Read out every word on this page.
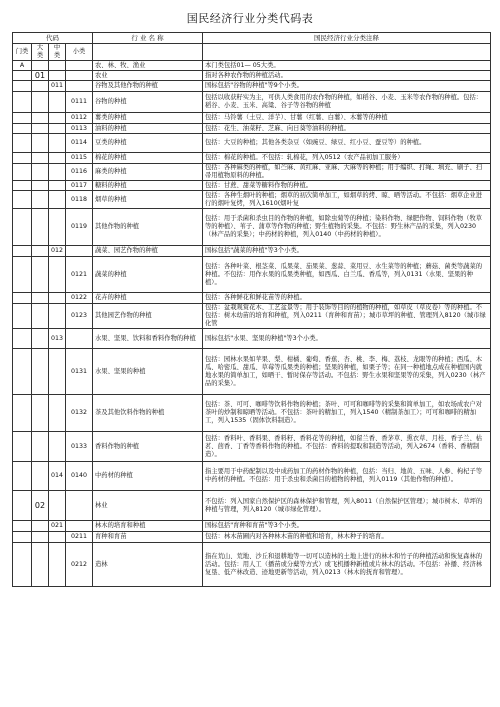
国民经济行业分类代码表
代码				行 业 名 称	国民经济行业分类注释
门类	大类	中类	小类		
A				农、林、牧、渔业	本门类包括01— 05大类。
	01			农业	指对各种农作物的种植活动。
		011		谷物及其他作物的种植	国标包括"谷物的种植"等9个小类。
			0111	谷物的种植	包括以收获籽实为主，可供人类食用的农作物的种植，如稻谷、小麦、玉米等农作物的种植。包括：稻谷、小麦、玉米、高粱、谷子等谷物的种植
			0112	薯类的种植	包括：马铃薯（土豆、洋芋）、甘薯（红薯、白薯）、木薯等的种植
			0113	油料的种植	包括：花生、油菜籽、芝麻、向日葵等油料的种植。
			0114	豆类的种植	包括：大豆的种植；其他各类杂豆（如豌豆、绿豆、红小豆、蚕豆等）的种植。
			0115	棉花的种植	包括：棉花的种植。不包括：轧棉花，列入0512（农产品初加工服务）
			0116	麻类的种植	包括：各种麻类的种植，如苎麻、黄红麻、亚麻、大麻等的种植；用于编织、打绳、填充、刷子、扫帚用植物原料的种植。
			0117	糖料的种植	包括：甘蔗、甜菜等糖料作物的种植。
			0118	烟草的种植	包括：各种生烟叶的种植；烟草的初次简单加工，如烟草的烤、晾、晒等活动。不包括：烟草企业进行的烟叶复烤，列入1610(烟叶复
			0119	其他作物的种植	包括：用于杀菌和杀虫目的作物的种植，如除虫菊等的种植；染料作物、绿肥作物、饲料作物（牧草等的种植）、苇子、蒲草等作物的种植；野生植物的采集。不包括：野生林产品的采集，列入0230（林产品的采集）；中药材的种植，列入0140（中药材的种植）。
		012		蔬菜、园艺作物的种植	国标包括"蔬菜的种植"等3个小类。
			0121	蔬菜的种植	包括：各种叶菜、根茎菜、瓜果菜、茄果菜、葱蒜、菜用豆、水生菜等的种植；蘑菇、菌类等蔬菜的种植。不包括：用作水果的瓜果类种植，如西瓜、白兰瓜、香瓜等，列入0131（水果、坚果的种植）。
			0122	花卉的种植	包括：各种鲜花和鲜花苗等的种植。
			0123	其他园艺作物的种植	包括：盆栽观赏花木、工艺盆景等；用于装饰等目的的植物的种植，如草皮（草皮卷）等的种植。不包括：树木幼苗的培育和种植，列入0211（育种和育苗）；城市草坪的种植、管理列入8120（城市绿化管
		013		水果、坚果、饮料和香料作物的种植	国标包括"水果、坚果的种植"等3个小类。
			0131	水果、坚果的种植	包括：园林水果如苹果、梨、柑橘、葡萄、香蕉、杏、桃、李、梅、荔枝、龙眼等的种植；西瓜、木瓜、哈密瓜、甜瓜、草莓等瓜果类的种植；坚果的种植，如栗子等；在同一种植地点成在种植国内就地水果的简单加工，如晒干、暂时保存等活动。不包括：野生水果和坚果等的采集，列入0230（林产品的采集）。
			0132	茶及其他饮料作物的种植	包括：茶、可可、咖啡等饮料作物的种植；茶叶、可可和咖啡等的采集和简单加工，如农场成农户对茶叶的炒制和晾晒等活动。不包括：茶叶的精加工，列入1540（精制茶加工）；可可和咖啡的精加工，列入1535（固体饮料制造）。
			0133	香料作物的种植	包括：香料叶、香料果、香料籽、香料花等的种植，如留兰香、香茅草、熏衣草、月桂、香子兰、枯茗、茴香、丁香等香料作物的种植。不包括：香料的提取和制造等活动，列入2674（香料、香精制造）。
		014	0140	中药材的种植	指主要用于中药配制以及中成药加工的药材作物的种植，包括：当归、地黄、五味、人参、枸杞子等中药材的种植。不包括：用于杀虫和杀菌目的植物的种植，列入0119（其他作物的种植）。
	02			林业	不包括：列入国家自然保护区的森林保护和管理，列入8011（自然保护区管理）；城市树木、草坪的种植与管理，列入8120（城市绿化管理）。
		021		林木的培育和种植	国标包括"育种和育苗"等3个小类。
			0211	育种和育苗	包括：林木苗圃内对各种林木苗的种植和培育，林木种子的培育。
			0212	造林	指在荒山、荒地、沙丘和退耕地等一切可以造林的土地上进行的林木和竹子的种植活动和恢复森林的活动。包括：用人工（播苗或分蘖等方式）或飞机播种新植或片林木的活动。不包括：补播、经济林复垦、低产林改造、迹地更新等活动，列入0213（林木的抚育和管理）。
